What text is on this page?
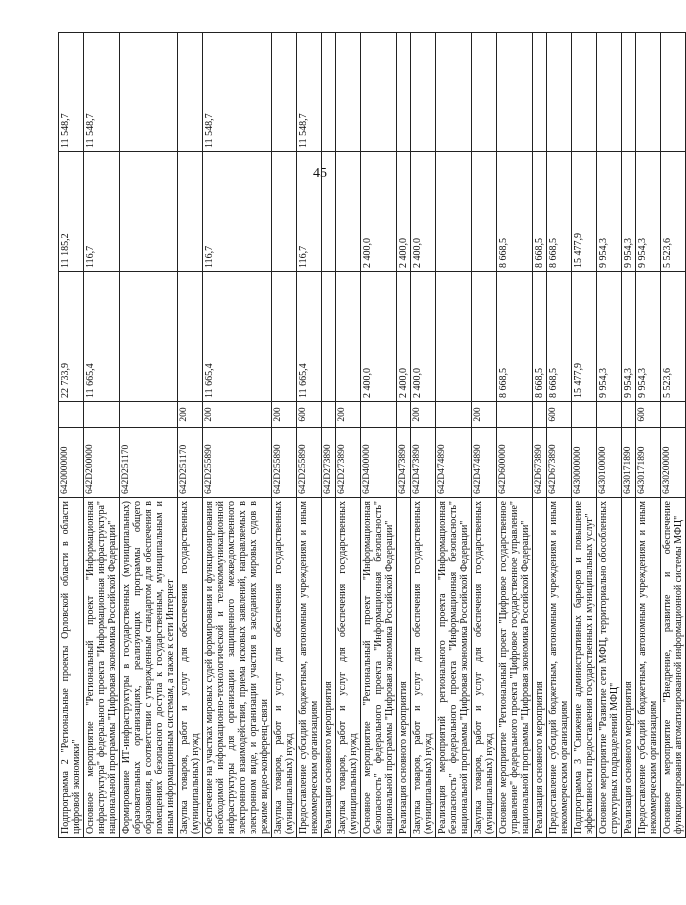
45
Подпрограмма 2 "Региональные проекты Орловской области в области цифровой экономики"	6420000000		22 733,9	11 185,2	11 548,7
Основное мероприятие "Региональный проект "Информационная инфраструктура" федерального проекта "Информационная инфраструктура" национальной программы "Цифровая экономика Российской Федерации"	642D200000		11 665,4	116,7	11 548,7
Формирование ИТ-инфраструктуры в государственных (муниципальных) образовательных организациях, реализующих программы общего образования, в соответствии с утвержденным стандартом для обеспечения в помещениях безопасного доступа к государственным, муниципальным и иным информационным системам, а также к сети Интернет	642D251170				
Закупка товаров, работ и услуг для обеспечения государственных (муниципальных) нужд	642D251170	200			
Обеспечение на участках мировых судей формирования и функционирования необходимой информационно-технологической и телекоммуникационной инфраструктуры для организации защищенного межведомственного электронного взаимодействия, приема исковых заявлений, направляемых в электронном виде, и организации участия в заседаниях мировых судов в режиме видео-конференц-связи	642D255890	200	11 665,4	116,7	11 548,7
Закупка товаров, работ и услуг для обеспечения государственных (муниципальных) нужд	642D255890	200			
Предоставление субсидий бюджетным, автономным учреждениям и иным некоммерческим организациям	642D255890	600	11 665,4	116,7	11 548,7
Реализация основного мероприятия	642D273890				
Закупка товаров, работ и услуг для обеспечения государственных (муниципальных) нужд	642D273890	200			
Основное мероприятие "Региональный проект "Информационная безопасность" федерального проекта "Информационная безопасность" национальной программы "Цифровая экономика Российской Федерации"	642D400000		2 400,0	2 400,0	
Реализация основного мероприятия	642D473890		2 400,0	2 400,0	
Закупка товаров, работ и услуг для обеспечения государственных (муниципальных) нужд	642D473890	200	2 400,0	2 400,0	
Реализация мероприятий регионального проекта "Информационная безопасность" федерального проекта "Информационная безопасность" национальной программы "Цифровая экономика Российской Федерации"	642D474890				
Закупка товаров, работ и услуг для обеспечения государственных (муниципальных) нужд	642D474890	200			
Основное мероприятие "Региональный проект "Цифровое государственное управление" федерального проекта "Цифровое государственное управление" национальной программы "Цифровая экономика Российской Федерации"	642D600000		8 668,5	8 668,5	
Реализация основного мероприятия	642D673890		8 668,5	8 668,5	
Предоставление субсидий бюджетным, автономным учреждениям и иным некоммерческим организациям	642D673890	600	8 668,5	8 668,5	
Подпрограмма 3 "Снижение административных барьеров и повышение эффективности предоставления государственных и муниципальных услуг"	6430000000		15 477,9	15 477,9	
Основное мероприятие "Развитие сети МФЦ, территориально обособленных структурных подразделений МФЦ"	6430100000		9 954,3	9 954,3	
Реализация основного мероприятия	6430171890		9 954,3	9 954,3	
Предоставление субсидий бюджетным, автономным учреждениям и иным некоммерческим организациям	6430171890	600	9 954,3	9 954,3	
Основное мероприятие "Внедрение, развитие и обеспечение функционирования автоматизированной информационной системы МФЦ"	6430200000		5 523,6	5 523,6	
